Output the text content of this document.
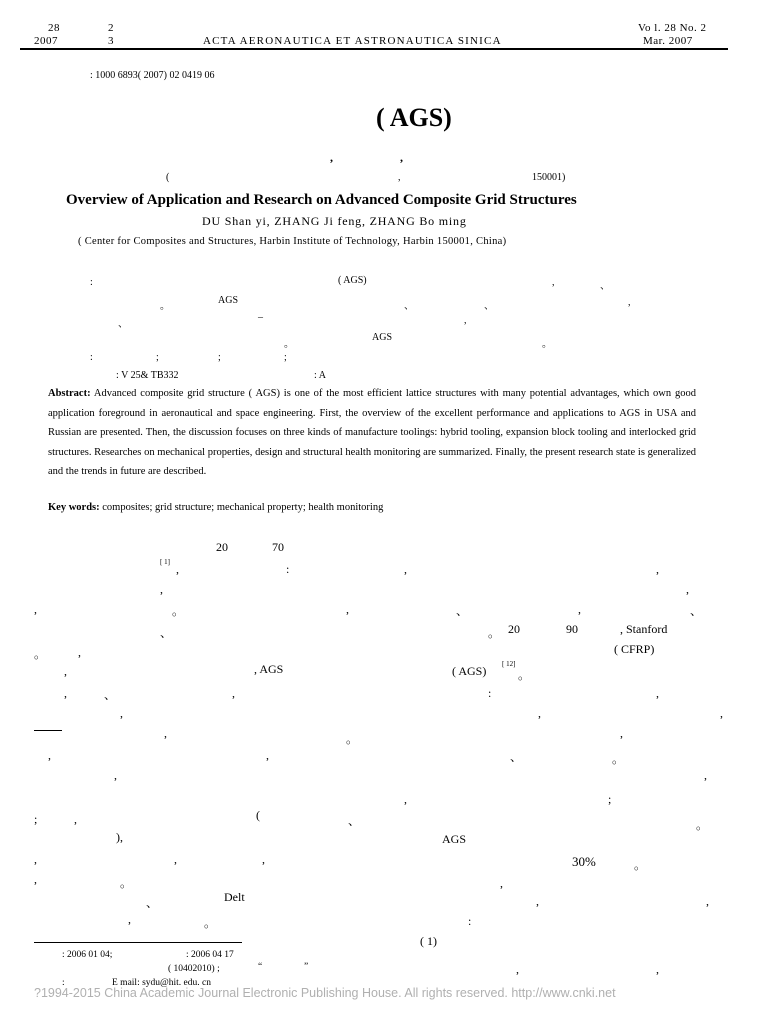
28
2007
2
3	ACTA AERONAUTICA ET ASTRONAUTICA SINICA
Vo l. 28 No. 2
Mar. 2007
: 1000 6893( 2007) 02 0419 06
( AGS)
,	,
(	,	150001)
Overview of Application and Research on Advanced Composite Grid Structures
DU Shan yi, ZHANG Ji feng, ZHANG Bo ming
( Center for Composites and Structures, Harbin Institute of Technology, Harbin 150001, China)
:	( AGS)	,	、
。
AGS
、	、	,
、
–	,
。
AGS
。
:	;	;	;
: V 25& TB332	: A
Abstract: Advanced composite grid structure ( AGS) is one of the most efficient lattice structures with many potential advantages, which own good application foreground in aeronautical and space engineering. First, the overview of the excellent performance and applications to AGS in USA and Russian are presented. Then, the discussion focuses on three kinds of manufacture toolings: hybrid tooling, expansion block tooling and interlocked grid structures. Researches on mechanical properties, design and structural health monitoring are summarized. Finally, the present research state is generalized and the trends in future are described.
Key words: composites; grid structure; mechanical property; health monitoring
20	70
[ 1] ,	:	,	,
,	,
,	。	,	、	,	、
、	。 20	90	, Stanford
。	,	( CFRP)
,	, AGS	( AGS) [ 12]
。
,	、	,	:	,
,	,	,
,	。	,
,	,	、	。
,	,
,	;
;	,	(	、	。
),	AGS
,	,	,	30%	。
,	。	,
、	Delt	,	,
,	。	:
( 1)
: 2006 01 04;	: 2006 04 17
( 10402010) ;	“	”
:	E mail: sydu@hit. edu. cn
,	,
?1994-2015 China Academic Journal Electronic Publishing House. All rights reserved. http://www.cnki.net
